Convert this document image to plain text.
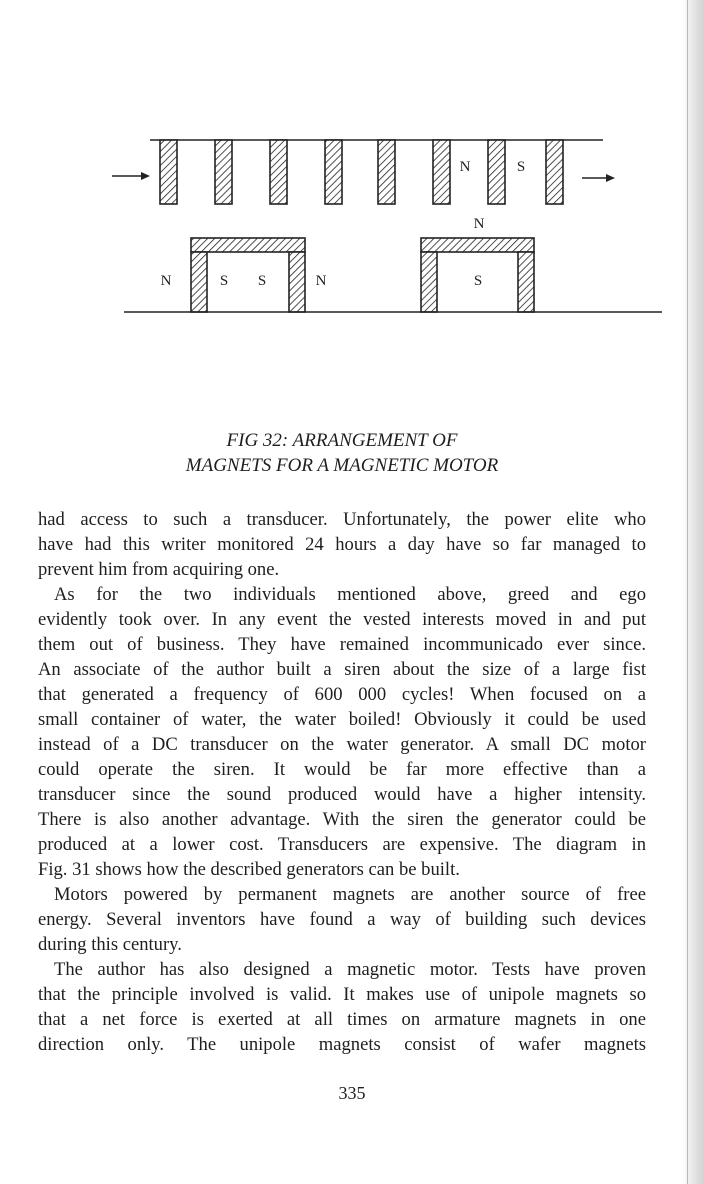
N	S
N
N	S S	N	S
FIG 32: ARRANGEMENT OF
MAGNETS FOR A MAGNETIC MOTOR
had access to such a transducer. Unfortunately, the power elite who
have had this writer monitored 24 hours a day have so far managed to
prevent him from acquiring one.
As for the two individuals mentioned above, greed and ego
evidently took over. In any event the vested interests moved in and put
them out of business. They have remained incommunicado ever since.
An associate of the author built a siren about the size of a large fist
that generated a frequency of 600 000 cycles! When focused on a
small container of water, the water boiled! Obviously it could be used
instead of a DC transducer on the water generator. A small DC motor
could operate the siren. It would be far more effective than a
transducer since the sound produced would have a higher intensity.
There is also another advantage. With the siren the generator could be
produced at a lower cost. Transducers are expensive. The diagram in
Fig. 31 shows how the described generators can be built.
Motors powered by permanent magnets are another source of free
energy. Several inventors have found a way of building such devices
during this century.
The author has also designed a magnetic motor. Tests have proven
that the principle involved is valid. It makes use of unipole magnets so
that a net force is exerted at all times on armature magnets in one
direction only. The unipole magnets consist of wafer magnets
335
